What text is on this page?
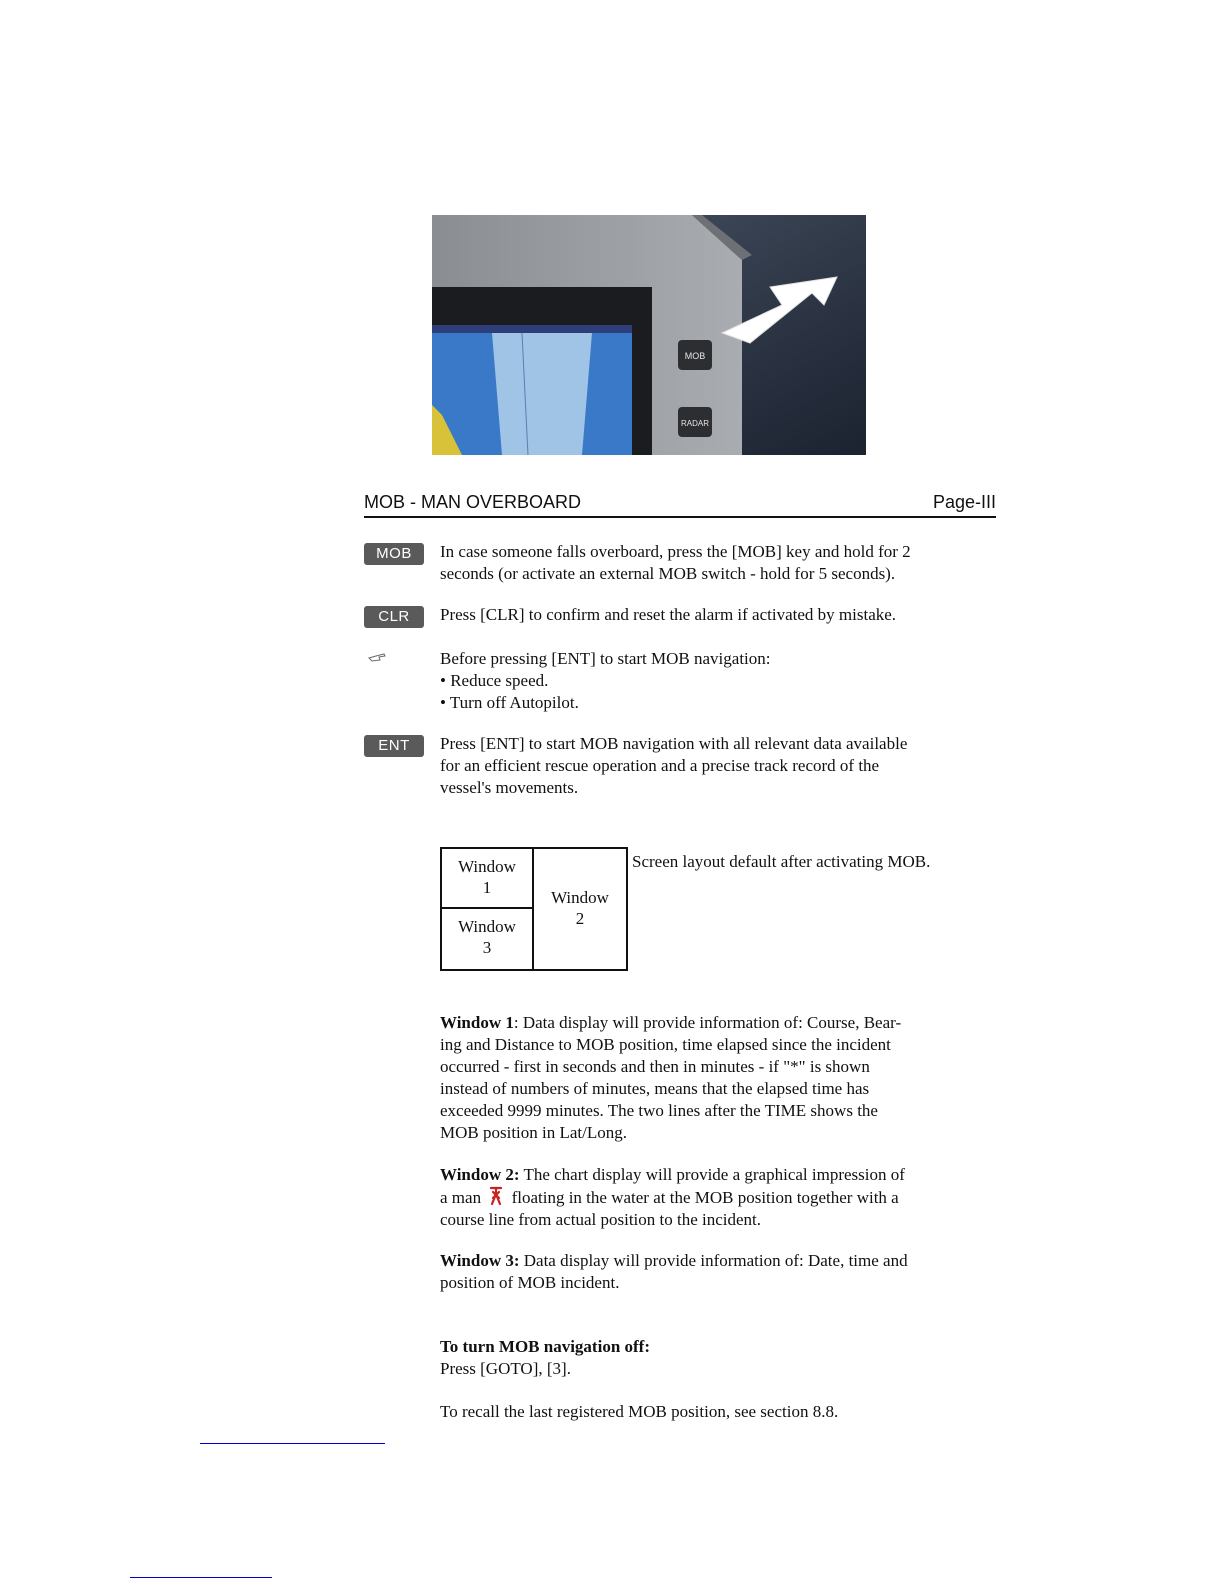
MOB
RADAR
MOB - MAN OVERBOARD	Page-III
MOB	In case someone falls overboard, press the [MOB] key and hold for 2

seconds (or activate an external MOB switch - hold for 5 seconds).

CLR	Press [CLR] to confirm and reset the alarm if activated by mistake.

Before pressing [ENT] to start MOB navigation:

• Reduce speed.

• Turn off Autopilot.

ENT	Press [ENT] to start MOB navigation with all relevant data available

for an efficient rescue operation and a precise track record of the

vessel's movements.

Window
1
Window
3
Window
2
Screen layout default after activating MOB.
Window 1: Data display will provide information of: Course, Bear-
ing and Distance to MOB position, time elapsed since the incident
occurred - first in seconds and then in minutes - if "*" is shown
instead of numbers of minutes, means that the elapsed time has
exceeded 9999 minutes. The two lines after the TIME shows the
MOB position in Lat/Long.
Window 2: The chart display will provide a graphical impression of
a man floating in the water at the MOB position together with a
course line from actual position to the incident.
Window 3: Data display will provide information of: Date, time and
position of MOB incident.
To turn MOB navigation off:
Press [GOTO], [3].
To recall the last registered MOB position, see section 8.8.
